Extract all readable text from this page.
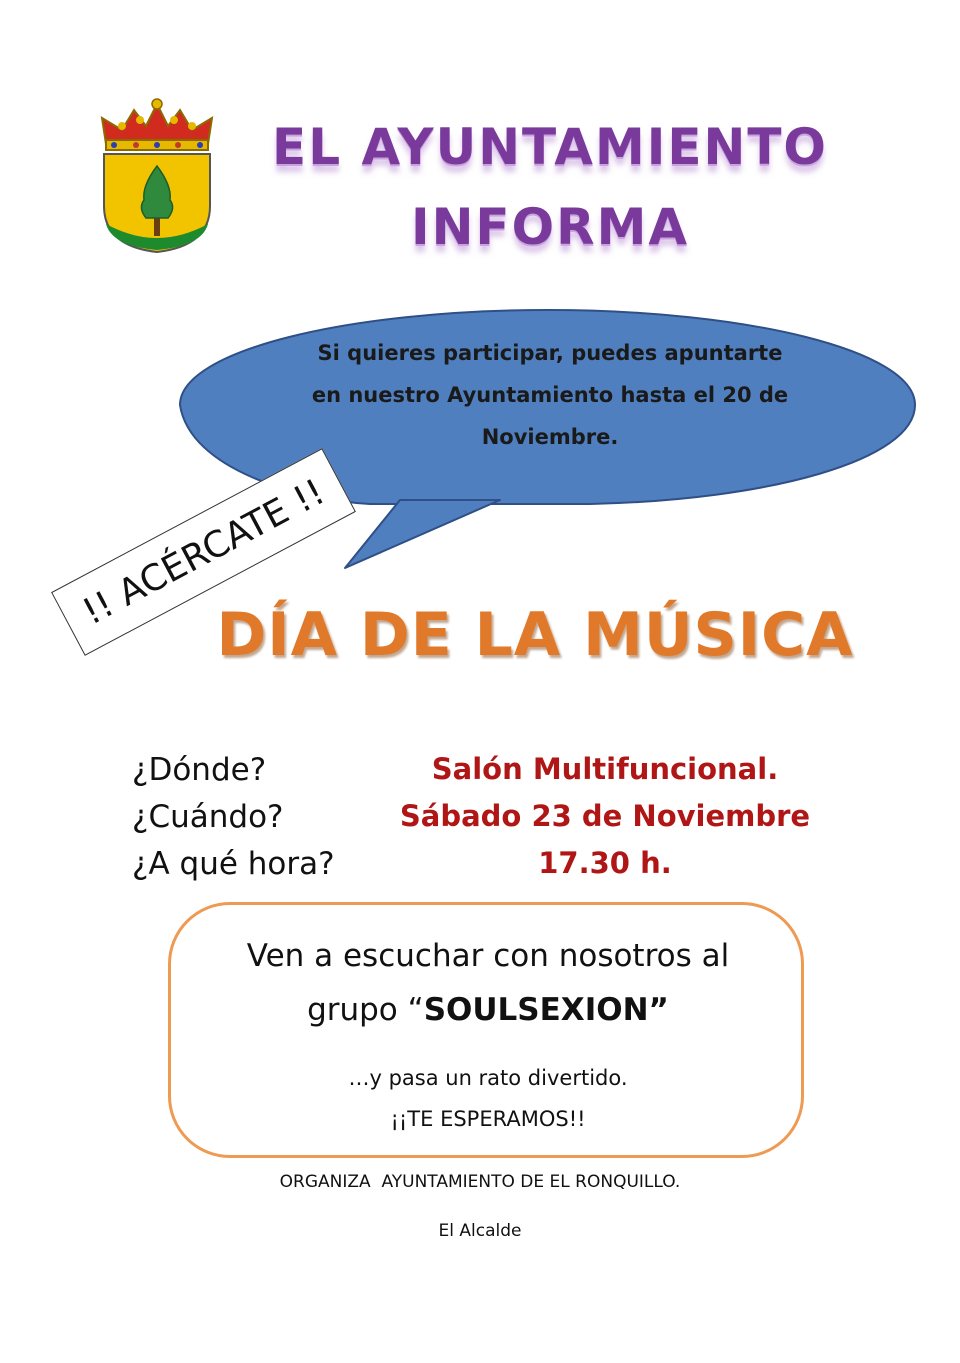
EL AYUNTAMIENTO
INFORMA
Si quieres participar, puedes apuntarte
en nuestro Ayuntamiento hasta el 20 de
Noviembre.
!! ACÉRCATE !!
DÍA DE LA MÚSICA
¿Dónde?	Salón Multifuncional.
¿Cuándo?	Sábado 23 de Noviembre
¿A qué hora?	17.30 h.
Ven a escuchar con nosotros al
grupo “SOULSEXION”
…y pasa un rato divertido.
¡¡TE ESPERAMOS!!
ORGANIZA  AYUNTAMIENTO DE EL RONQUILLO.
El Alcalde
